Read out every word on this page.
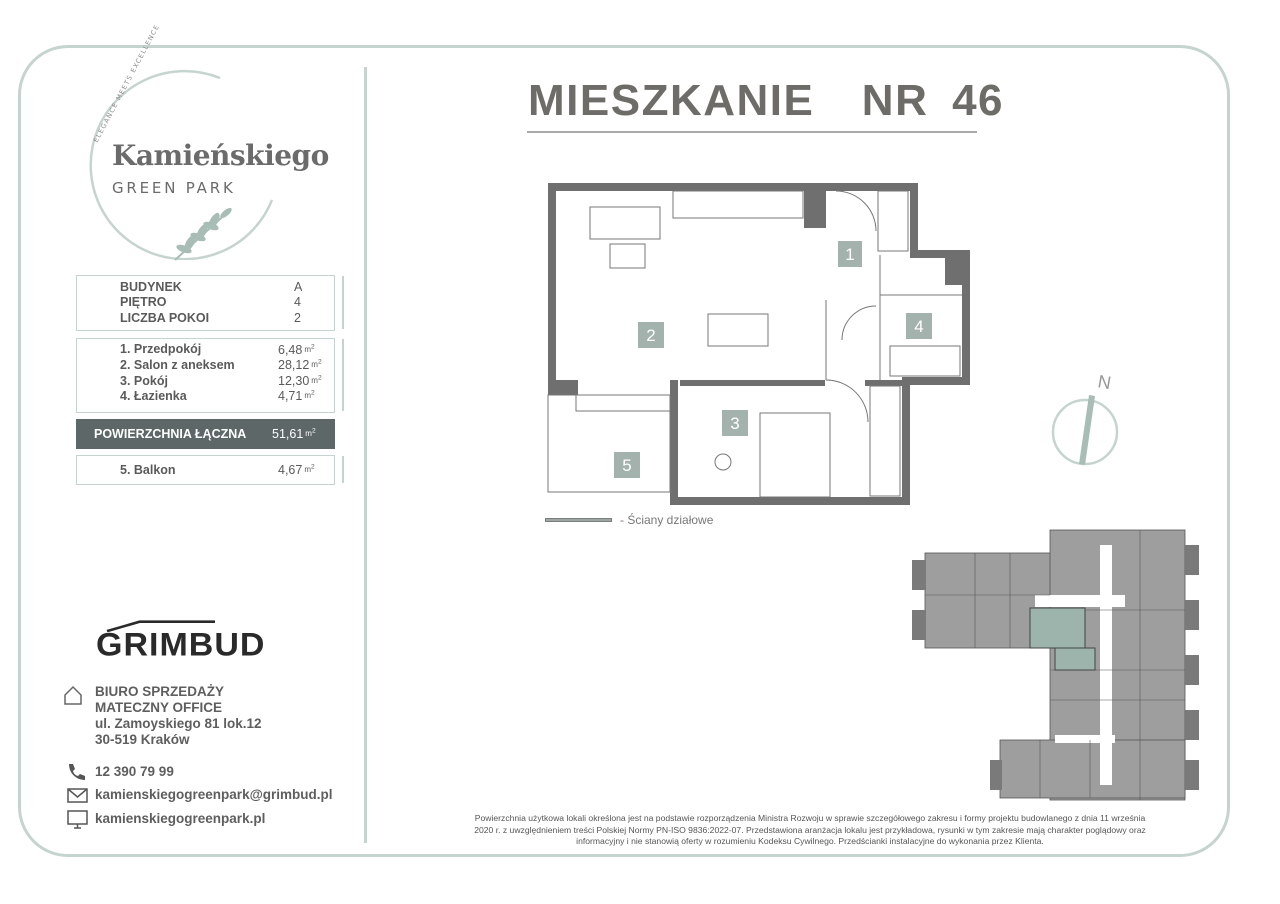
ELEGANCE MEETS EXCELLENCE
Kamieńskiego
GREEN PARK
BUDYNEK	A
PIĘTRO	4
LICZBA POKOI	2
1. Przedpokój	6,48 $^{m^2}$
2. Salon z aneksem	28,12 $^{m^2}$
3. Pokój	12,30 $^{m^2}$
4. Łazienka	4,71 $^{m^2}$
POWIERZCHNIA ŁĄCZNA 51,61 $^{m^2}$
5. Balkon	4,67 $^{m^2}$
GRIMBUD
BIURO SPRZEDAŻY
MATECZNY OFFICE
ul. Zamoyskiego 81 lok.12
30-519 Kraków
12 390 79 99
kamienskiegogreenpark@grimbud.pl
kamienskiegogreenpark.pl
MIESZKANIE  NR 46
1
2
3
4
5
- Ściany działowe
N
Powierzchnia użytkowa lokali określona jest na podstawie rozporządzenia Ministra Rozwoju w sprawie szczegółowego zakresu i formy projektu budowlanego z dnia 11 września
2020 r. z uwzględnieniem treści Polskiej Normy PN-ISO 9836:2022-07. Przedstawiona aranżacja lokalu jest przykładowa, rysunki w tym zakresie mają charakter poglądowy oraz
informacyjny i nie stanowią oferty w rozumieniu Kodeksu Cywilnego. Przedścianki instalacyjne do wykonania przez Klienta.
